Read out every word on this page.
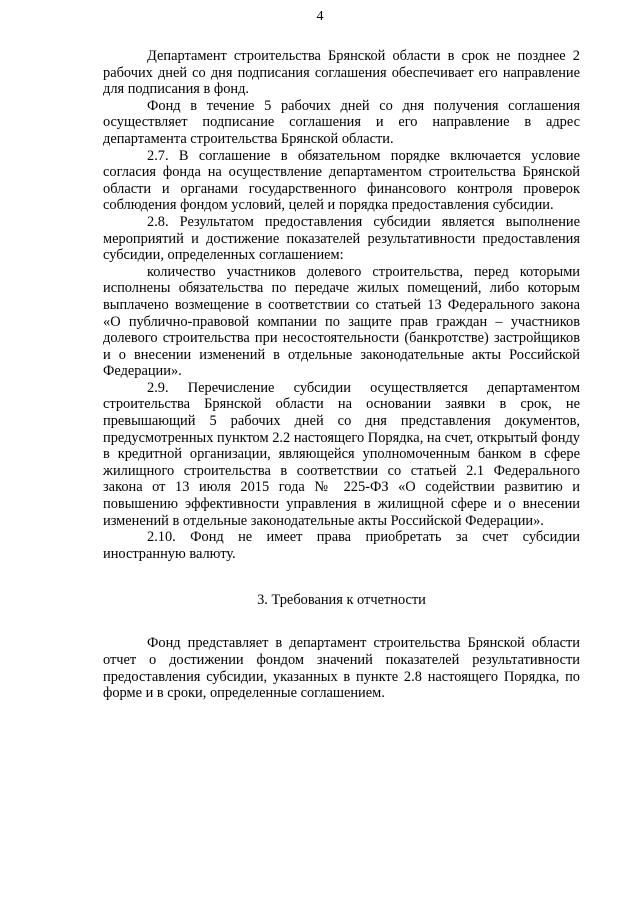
4

Департамент строительства Брянской области в срок не позднее 2 рабочих дней со дня подписания соглашения обеспечивает его направление для подписания в фонд.

Фонд в течение 5 рабочих дней со дня получения соглашения осуществляет подписание соглашения и его направление в адрес департамента строительства Брянской области.

2.7. В соглашение в обязательном порядке включается условие согласия фонда на осуществление департаментом строительства Брянской области и органами государственного финансового контроля проверок соблюдения фондом условий, целей и порядка предоставления субсидии.

2.8. Результатом предоставления субсидии является выполнение мероприятий и достижение показателей результативности предоставления субсидии, определенных соглашением:

количество участников долевого строительства, перед которыми исполнены обязательства по передаче жилых помещений, либо которым выплачено возмещение в соответствии со статьей 13 Федерального закона «О публично-правовой компании по защите прав граждан – участников долевого строительства при несостоятельности (банкротстве) застройщиков и о внесении изменений в отдельные законодательные акты Российской Федерации».

2.9. Перечисление субсидии осуществляется департаментом строительства Брянской области на основании заявки в срок, не превышающий 5 рабочих дней со дня представления документов, предусмотренных пунктом 2.2 настоящего Порядка, на счет, открытый фонду в кредитной организации, являющейся уполномоченным банком в сфере жилищного строительства в соответствии со статьей 2.1 Федерального закона от 13 июля 2015 года № 225-ФЗ «О содействии развитию и повышению эффективности управления в жилищной сфере и о внесении изменений в отдельные законодательные акты Российской Федерации».

2.10. Фонд не имеет права приобретать за счет субсидии иностранную валюту.

3. Требования к отчетности

Фонд представляет в департамент строительства Брянской области отчет о достижении фондом значений показателей результативности предоставления субсидии, указанных в пункте 2.8 настоящего Порядка, по форме и в сроки, определенные соглашением.
